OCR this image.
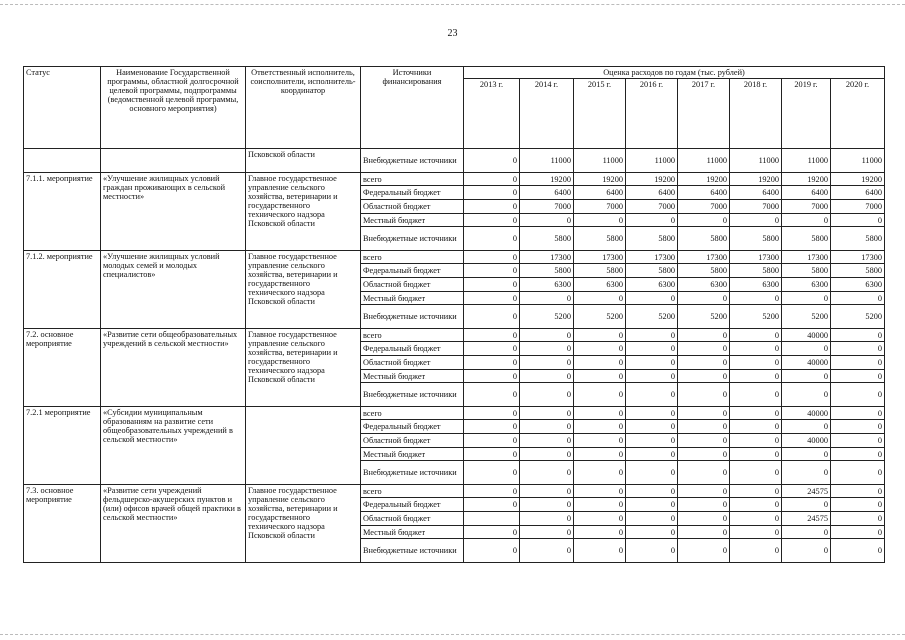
23
Статус	Наименование Государственной программы, областной долгосрочной целевой программы, подпрограммы (ведомственной целевой программы, основного мероприятия)	Ответственный исполнитель, соисполнители, исполнитель-координатор	Источники финансирования	Оценка расходов по годам (тыс. рублей)							
				2013 г.	2014 г.	2015 г.	2016 г.	2017 г.	2018 г.	2019 г.	2020 г.
		Псковской области	Внебюджетные источники	0	11000	11000	11000	11000	11000	11000	11000
7.1.1. мероприятие	«Улучшение жилищных условий граждан проживающих в сельской местности»	Главное государственное управление сельского хозяйства, ветеринарии и государственного технического надзора Псковской области	всего	0	19200	19200	19200	19200	19200	19200	19200
			Федеральный бюджет	0	6400	6400	6400	6400	6400	6400	6400
			Областной бюджет	0	7000	7000	7000	7000	7000	7000	7000
			Местный бюджет	0	0	0	0	0	0	0	0
			Внебюджетные источники	0	5800	5800	5800	5800	5800	5800	5800
7.1.2. мероприятие	«Улучшение жилищных условий молодых семей и молодых специалистов»	Главное государственное управление сельского хозяйства, ветеринарии и государственного технического надзора Псковской области	всего	0	17300	17300	17300	17300	17300	17300	17300
			Федеральный бюджет	0	5800	5800	5800	5800	5800	5800	5800
			Областной бюджет	0	6300	6300	6300	6300	6300	6300	6300
			Местный бюджет	0	0	0	0	0	0	0	0
			Внебюджетные источники	0	5200	5200	5200	5200	5200	5200	5200
7.2. основное мероприятие	«Развитие сети общеобразовательных учреждений в сельской местности»	Главное государственное управление сельского хозяйства, ветеринарии и государственного технического надзора Псковской области	всего	0	0	0	0	0	0	40000	0
			Федеральный бюджет	0	0	0	0	0	0	0	0
			Областной бюджет	0	0	0	0	0	0	40000	0
			Местный бюджет	0	0	0	0	0	0	0	0
			Внебюджетные источники	0	0	0	0	0	0	0	0
7.2.1 мероприятие	«Субсидии муниципальным образованиям на развитие сети общеобразовательных учреждений в сельской местности»		всего	0	0	0	0	0	0	40000	0
			Федеральный бюджет	0	0	0	0	0	0	0	0
			Областной бюджет	0	0	0	0	0	0	40000	0
			Местный бюджет	0	0	0	0	0	0	0	0
			Внебюджетные источники	0	0	0	0	0	0	0	0
7.3. основное мероприятие	«Развитие сети учреждений фельдшерско-акушерских пунктов и (или) офисов врачей общей практики в сельской местности»	Главное государственное управление сельского хозяйства, ветеринарии и государственного технического надзора Псковской области	всего	0	0	0	0	0	0	24575	0
			Федеральный бюджет	0	0	0	0	0	0	0	0
			Областной бюджет		0	0	0	0	0	24575	0
			Местный бюджет	0	0	0	0	0	0	0	0
			Внебюджетные источники	0	0	0	0	0	0	0	0
